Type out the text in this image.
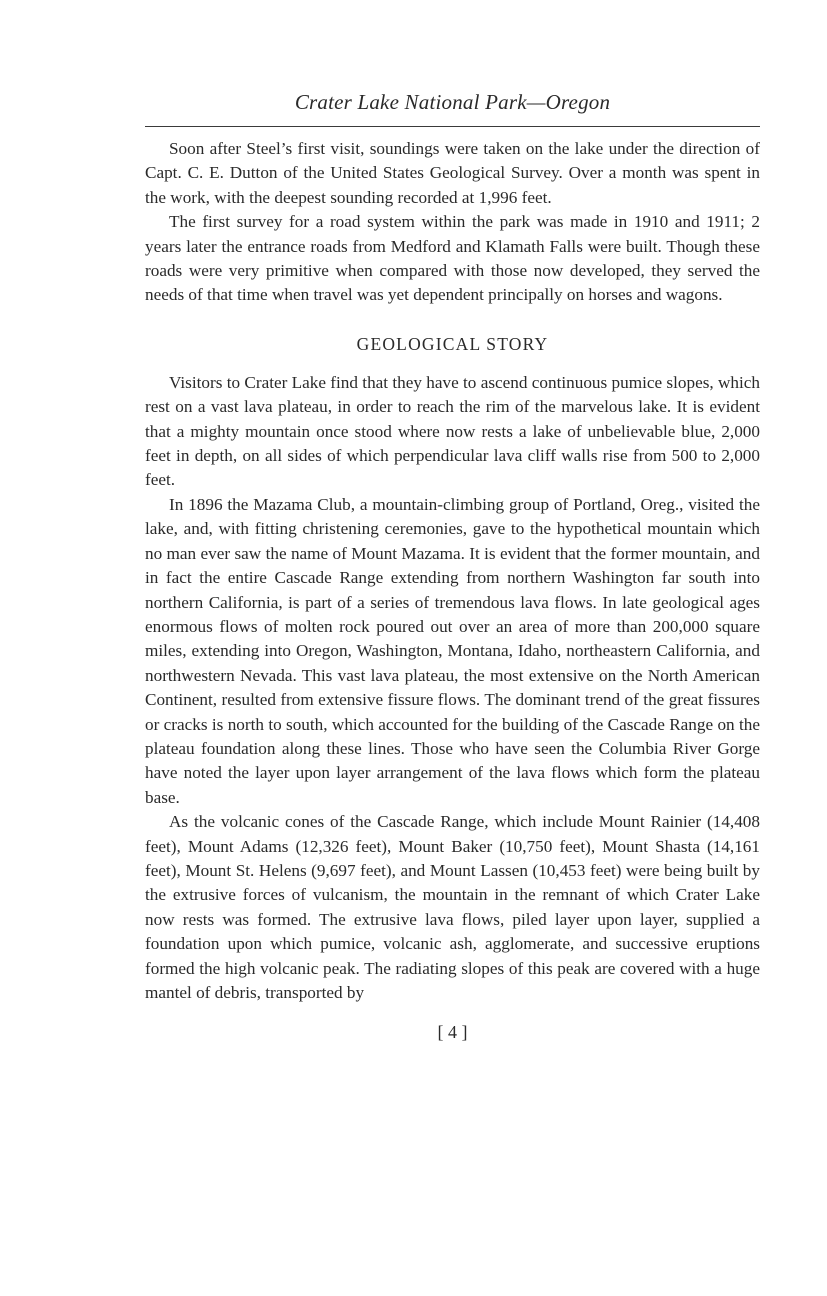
Crater Lake National Park—Oregon

Soon after Steel’s first visit, soundings were taken on the lake under the direction of Capt. C. E. Dutton of the United States Geological Survey. Over a month was spent in the work, with the deepest sounding recorded at 1,996 feet.

The first survey for a road system within the park was made in 1910 and 1911; 2 years later the entrance roads from Medford and Klamath Falls were built. Though these roads were very primitive when compared with those now developed, they served the needs of that time when travel was yet dependent principally on horses and wagons.

GEOLOGICAL STORY

Visitors to Crater Lake find that they have to ascend continuous pumice slopes, which rest on a vast lava plateau, in order to reach the rim of the marvelous lake. It is evident that a mighty mountain once stood where now rests a lake of unbelievable blue, 2,000 feet in depth, on all sides of which perpendicular lava cliff walls rise from 500 to 2,000 feet.

In 1896 the Mazama Club, a mountain-climbing group of Portland, Oreg., visited the lake, and, with fitting christening ceremonies, gave to the hypothetical mountain which no man ever saw the name of Mount Mazama. It is evident that the former mountain, and in fact the entire Cascade Range extending from northern Washington far south into northern California, is part of a series of tremendous lava flows. In late geological ages enormous flows of molten rock poured out over an area of more than 200,000 square miles, extending into Oregon, Washington, Montana, Idaho, northeastern California, and northwestern Nevada. This vast lava plateau, the most extensive on the North American Continent, resulted from extensive fissure flows. The dominant trend of the great fissures or cracks is north to south, which accounted for the building of the Cascade Range on the plateau foundation along these lines. Those who have seen the Columbia River Gorge have noted the layer upon layer arrangement of the lava flows which form the plateau base.

As the volcanic cones of the Cascade Range, which include Mount Rainier (14,408 feet), Mount Adams (12,326 feet), Mount Baker (10,750 feet), Mount Shasta (14,161 feet), Mount St. Helens (9,697 feet), and Mount Lassen (10,453 feet) were being built by the extrusive forces of vulcanism, the mountain in the remnant of which Crater Lake now rests was formed. The extrusive lava flows, piled layer upon layer, supplied a foundation upon which pumice, volcanic ash, agglomerate, and successive eruptions formed the high volcanic peak. The radiating slopes of this peak are covered with a huge mantel of debris, transported by

[ 4 ]
